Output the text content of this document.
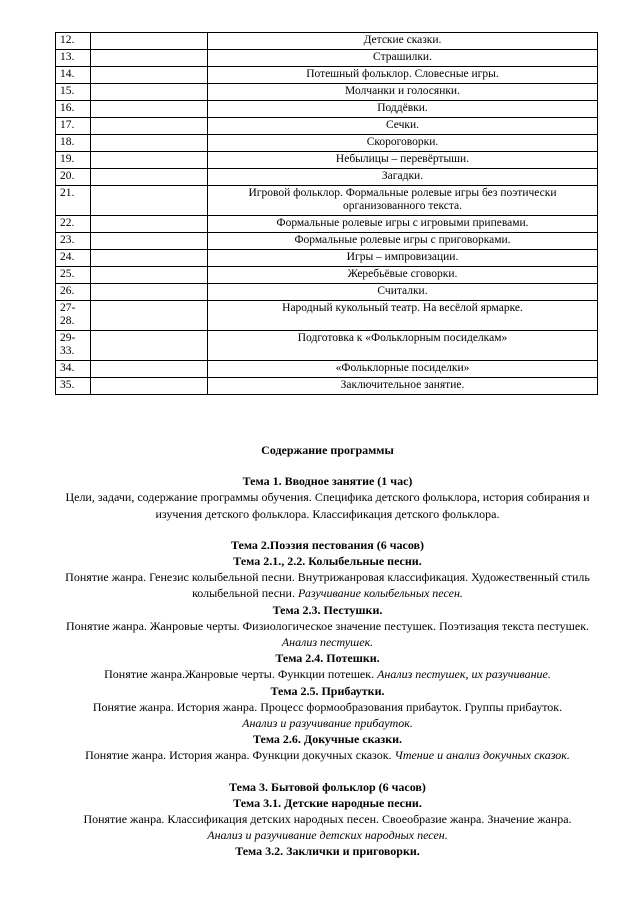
12.		Детские сказки.
13.		Страшилки.
14.		Потешный фольклор. Словесные игры.
15.		Молчанки и голосянки.
16.		Поддёвки.
17.		Сечки.
18.		Скороговорки.
19.		Небылицы – перевёртыши.
20.		Загадки.
21.		Игровой фольклор. Формальные ролевые игры без поэтически организованного текста.
22.		Формальные ролевые игры с игровыми припевами.
23.		Формальные ролевые игры с приговорками.
24.		Игры – импровизации.
25.		Жеребьёвые сговорки.
26.		Считалки.
27-28.		Народный кукольный театр. На весёлой ярмарке.
29-33.		Подготовка к «Фольклорным посиделкам»
34.		«Фольклорные посиделки»
35.		Заключительное занятие.

Содержание программы

Тема 1. Вводное занятие (1 час)

Цели, задачи, содержание программы обучения. Специфика детского фольклора, история собирания и изучения детского фольклора. Классификация детского фольклора.

Тема 2.Поэзия пестования (6 часов)

Тема 2.1., 2.2. Колыбельные песни.

Понятие жанра. Генезис колыбельной песни. Внутрижанровая классификация. Художественный стиль колыбельной песни. Разучивание колыбельных песен.

Тема 2.3. Пестушки.

Понятие жанра. Жанровые черты. Физиологическое значение пестушек. Поэтизация текста пестушек. Анализ пестушек.

Тема 2.4. Потешки.

Понятие жанра.Жанровые черты. Функции потешек. Анализ пестушек, их разучивание.

Тема 2.5. Прибаутки.

Понятие жанра. История жанра. Процесс формообразования прибауток. Группы прибауток.

Анализ и разучивание прибауток.

Тема 2.6. Докучные сказки.

Понятие жанра. История жанра. Функции докучных сказок. Чтение и анализ докучных сказок.

Тема 3. Бытовой фольклор (6 часов)

Тема 3.1. Детские народные песни.

Понятие жанра. Классификация детских народных песен. Своеобразие жанра. Значение жанра.

Анализ и разучивание детских народных песен.

Тема 3.2. Заклички и приговорки.
